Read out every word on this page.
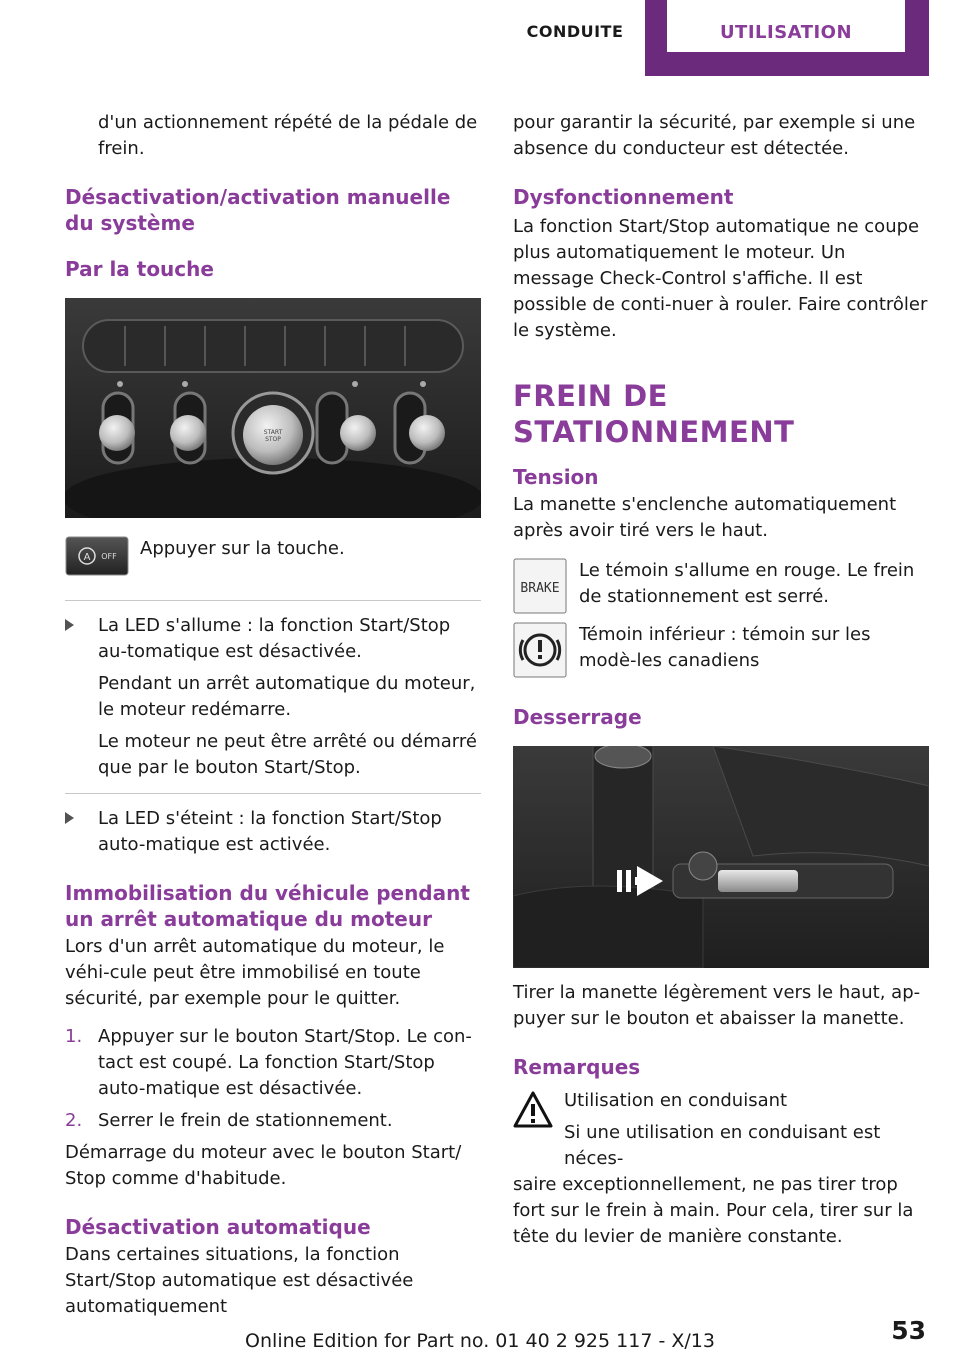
CONDUITE	UTILISATION

d'un actionnement répété de la pédale de frein.

Désactivation/activation manuelle du système
Par la touche
START
STOP
A OFF	Appuyer sur la touche.

La LED s'allume : la fonction Start/Stop au-tomatique est désactivée.

Pendant un arrêt automatique du moteur, le moteur redémarre.

Le moteur ne peut être arrêté ou démarré que par le bouton Start/Stop.

La LED s'éteint : la fonction Start/Stop auto-matique est activée.

Immobilisation du véhicule pendant un arrêt automatique du moteur

Lors d'un arrêt automatique du moteur, le véhi-cule peut être immobilisé en toute sécurité, par exemple pour le quitter.

1. Appuyer sur le bouton Start/Stop. Le con-tact est coupé. La fonction Start/Stop auto-matique est désactivée.

2. Serrer le frein de stationnement.

Démarrage du moteur avec le bouton Start/ Stop comme d'habitude.

Désactivation automatique

Dans certaines situations, la fonction Start/Stop automatique est désactivée automatiquement

pour garantir la sécurité, par exemple si une absence du conducteur est détectée.

Dysfonctionnement

La fonction Start/Stop automatique ne coupe plus automatiquement le moteur. Un message Check-Control s'affiche. Il est possible de conti-nuer à rouler. Faire contrôler le système.

FREIN DE STATIONNEMENT
Tension

La manette s'enclenche automatiquement après avoir tiré vers le haut.

BRAKE

Le témoin s'allume en rouge. Le frein de stationnement est serré.

Témoin inférieur : témoin sur les modè-les canadiens

Desserrage

Tirer la manette légèrement vers le haut, ap-puyer sur le bouton et abaisser la manette.

Remarques

Utilisation en conduisant

Si une utilisation en conduisant est néces-

saire exceptionnellement, ne pas tirer trop fort sur le frein à main. Pour cela, tirer sur la tête du levier de manière constante.

Online Edition for Part no. 01 40 2 925 117 - X/13	53
